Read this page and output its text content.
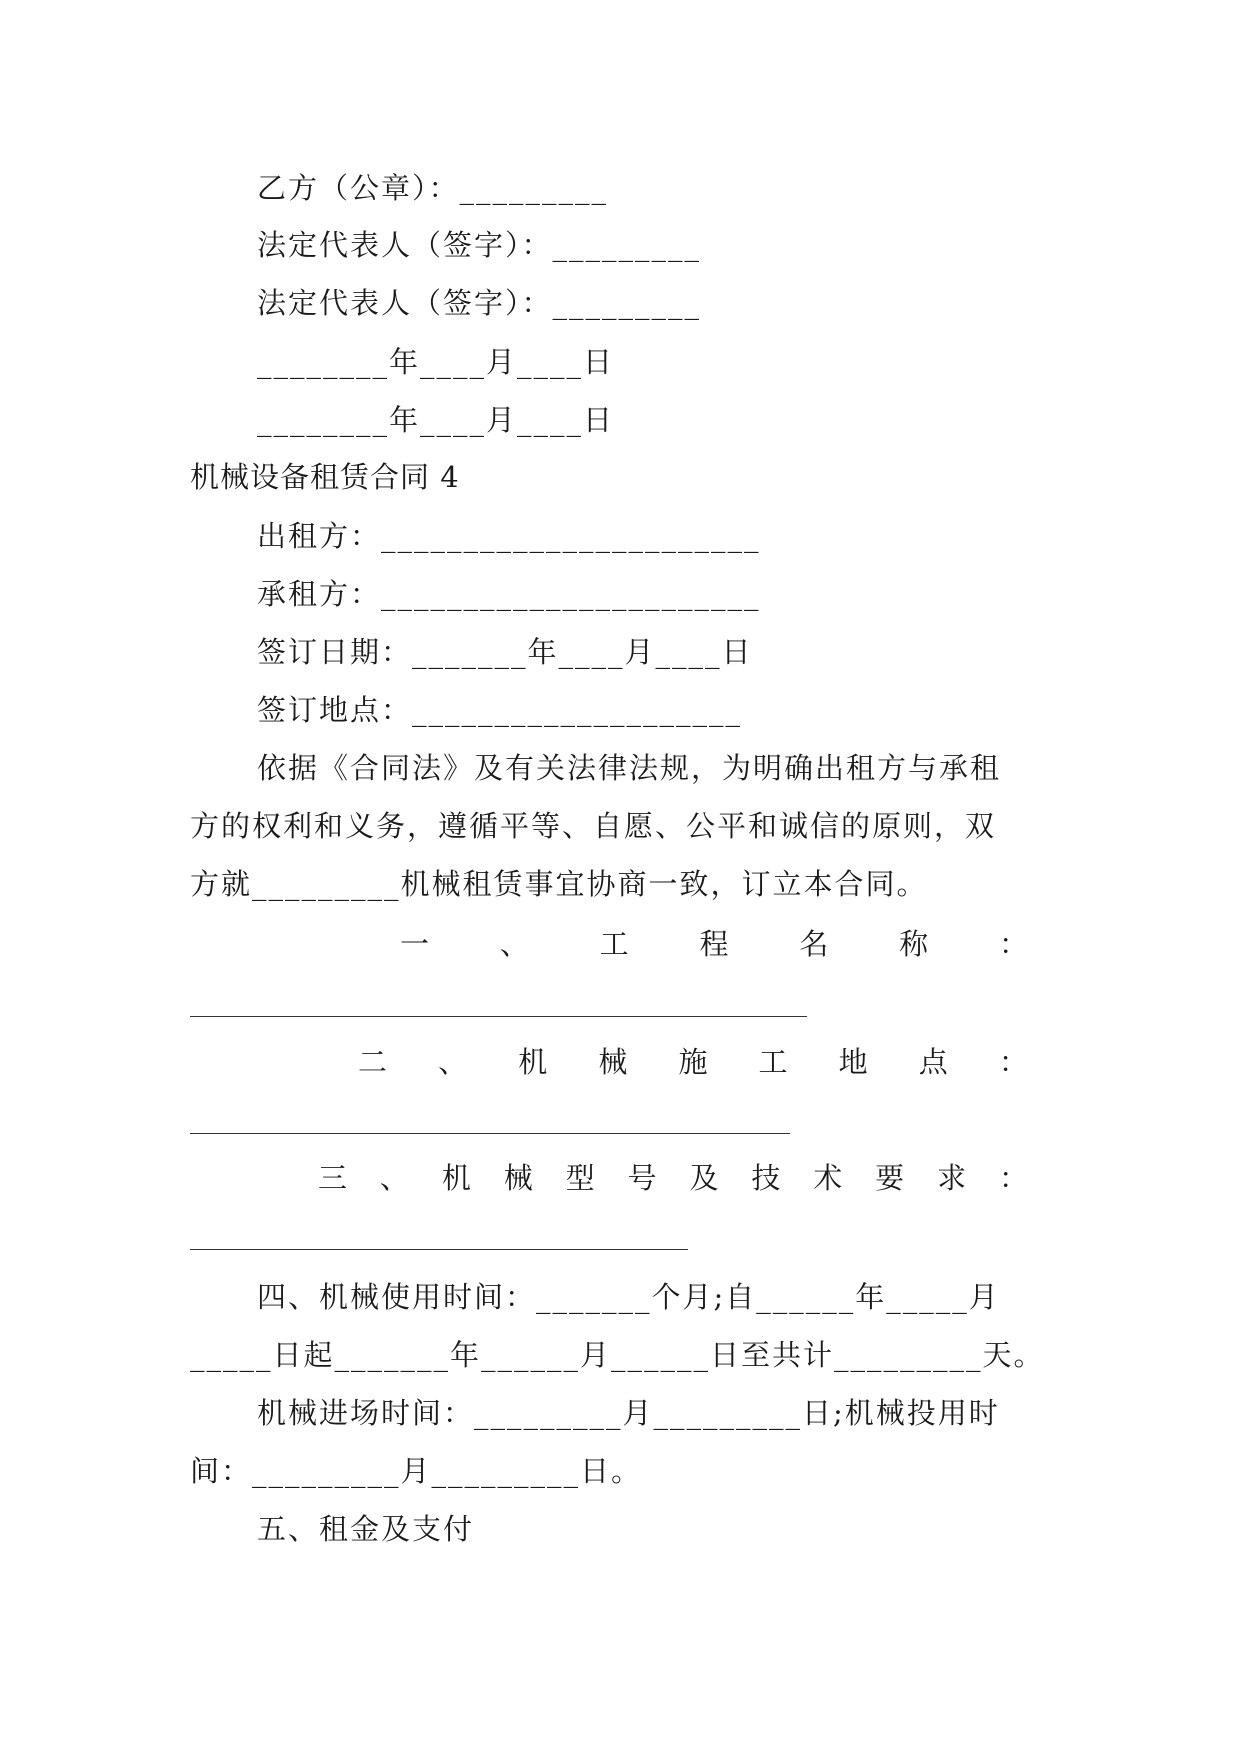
乙方（公章）：_________
法定代表人（签字）：_________
法定代表人（签字）：_________
________年____月____日
________年____月____日
机械设备租赁合同 4
出租方：_______________________
承租方：_______________________
签订日期：_______年____月____日
签订地点：____________________
依据《合同法》及有关法律法规，为明确出租方与承租
方的权利和义务，遵循平等、自愿、公平和诚信的原则，双
方就_________机械租赁事宜协商一致，订立本合同。
一 、 工 程 名 称 ：
二 、 机 械 施 工 地 点 ：
三 、 机 械 型 号 及 技 术 要 求 ：
四、机械使用时间：_______个月;自______年_____月
_____日起_______年______月______日至共计_________天。
机械进场时间：_________月_________日;机械投用时
间：_________月_________日。
五、租金及支付
